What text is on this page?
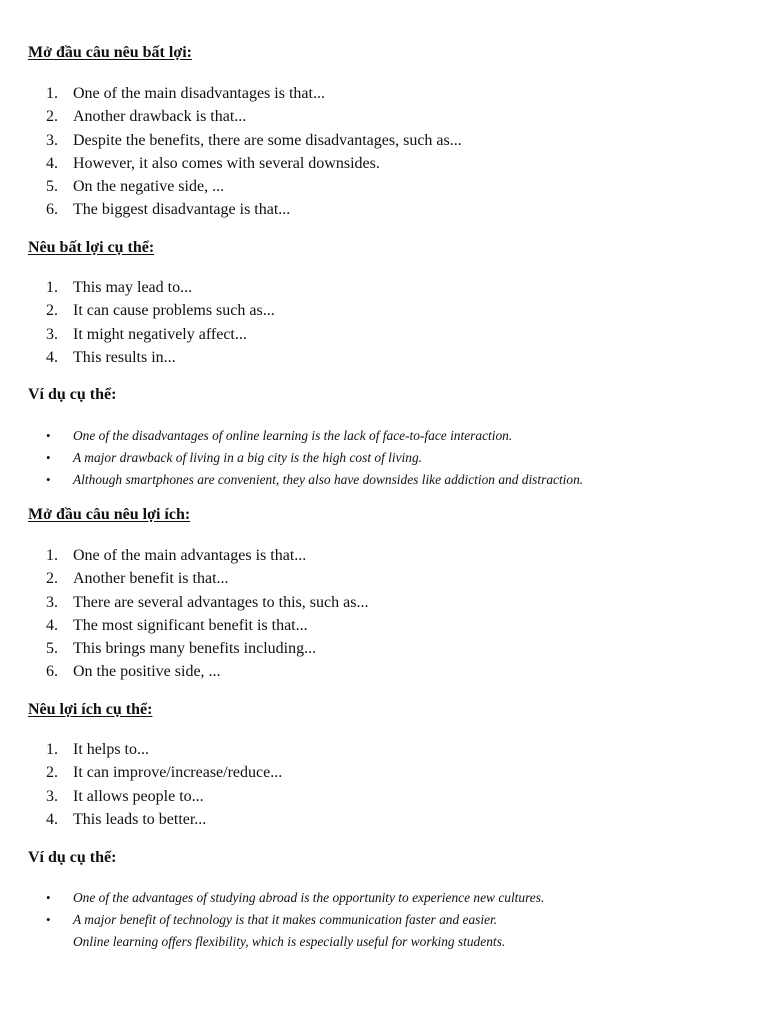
Mở đầu câu nêu bất lợi:
1. One of the main disadvantages is that...
2. Another drawback is that...
3. Despite the benefits, there are some disadvantages, such as...
4. However, it also comes with several downsides.
5. On the negative side, ...
6. The biggest disadvantage is that...
Nêu bất lợi cụ thể:
1. This may lead to...
2. It can cause problems such as...
3. It might negatively affect...
4. This results in...
Ví dụ cụ thể:
• One of the disadvantages of online learning is the lack of face-to-face interaction.
• A major drawback of living in a big city is the high cost of living.
• Although smartphones are convenient, they also have downsides like addiction and distraction.
Mở đầu câu nêu lợi ích:
1. One of the main advantages is that...
2. Another benefit is that...
3. There are several advantages to this, such as...
4. The most significant benefit is that...
5. This brings many benefits including...
6. On the positive side, ...
Nêu lợi ích cụ thể:
1. It helps to...
2. It can improve/increase/reduce...
3. It allows people to...
4. This leads to better...
Ví dụ cụ thể:
• One of the advantages of studying abroad is the opportunity to experience new cultures.
• A major benefit of technology is that it makes communication faster and easier.
Online learning offers flexibility, which is especially useful for working students.
